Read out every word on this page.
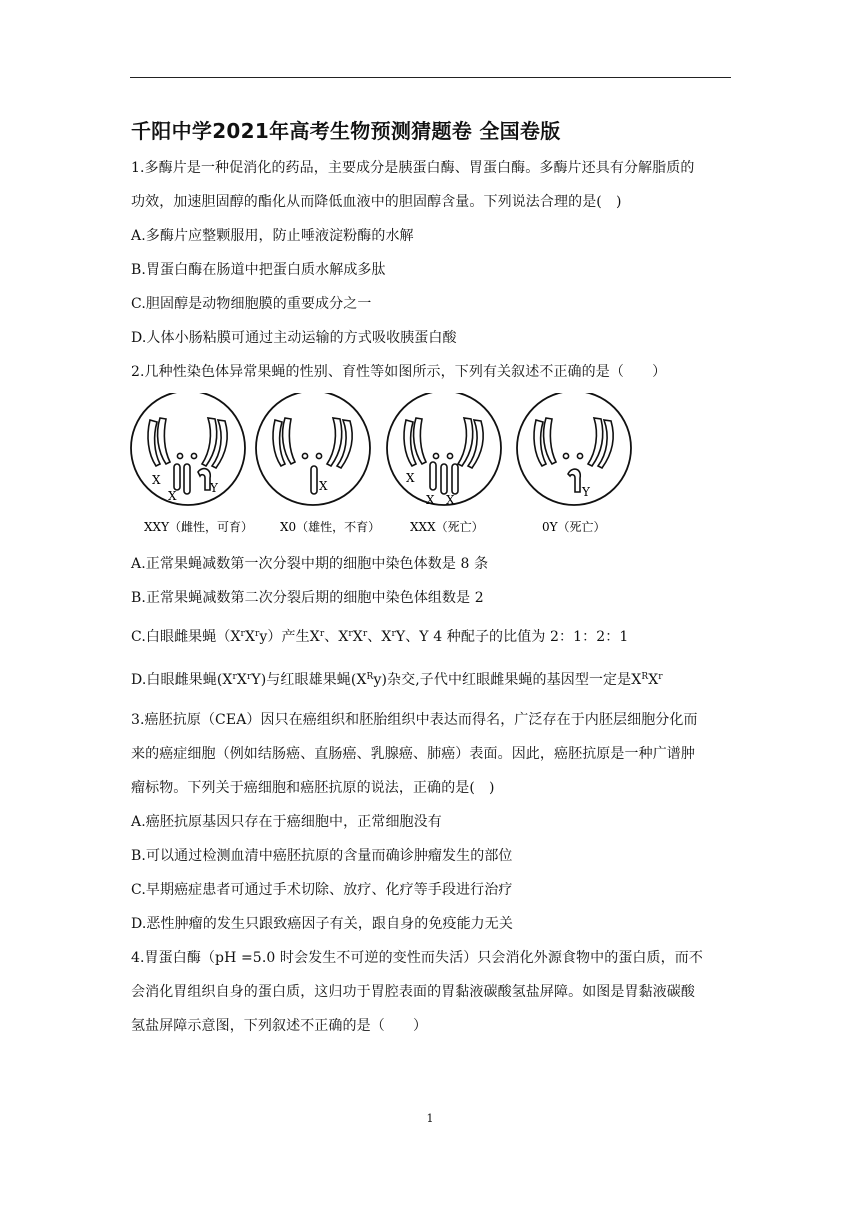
千阳中学2021年高考生物预测猜题卷 全国卷版
1.多酶片是一种促消化的药品，主要成分是胰蛋白酶、胃蛋白酶。多酶片还具有分解脂质的
功效，加速胆固醇的酯化从而降低血液中的胆固醇含量。下列说法合理的是( )
A.多酶片应整颗服用，防止唾液淀粉酶的水解
B.胃蛋白酶在肠道中把蛋白质水解成多肽
C.胆固醇是动物细胞膜的重要成分之一
D.人体小肠粘膜可通过主动运输的方式吸收胰蛋白酸
2.几种性染色体异常果蝇的性别、育性等如图所示，下列有关叙述不正确的是（  ）
X
X
Y	X
X
X X
Y
XXY（雌性，可育） X0（雄性，不育） XXX（死亡）	0Y（死亡）
A.正常果蝇减数第一次分裂中期的细胞中染色体数是 8 条
B.正常果蝇减数第二次分裂后期的细胞中染色体组数是 2
C.白眼雌果蝇$(X^rX^ry)$产生$X^r$、$X^rX^r$、$X^rY$、Y 4 种配子的比值为 2：1：2：1
D.白眼雌果蝇$(X^rX^rY)$与红眼雄果蝇$(X^Ry)$杂交,子代中红眼雌果蝇的基因型一定是$X^RX^r$
3.癌胚抗原（CEA）因只在癌组织和胚胎组织中表达而得名，广泛存在于内胚层细胞分化而
来的癌症细胞（例如结肠癌、直肠癌、乳腺癌、肺癌）表面。因此，癌胚抗原是一种广谱肿
瘤标物。下列关于癌细胞和癌胚抗原的说法，正确的是( )
A.癌胚抗原基因只存在于癌细胞中，正常细胞没有
B.可以通过检测血清中癌胚抗原的含量而确诊肿瘤发生的部位
C.早期癌症患者可通过手术切除、放疗、化疗等手段进行治疗
D.恶性肿瘤的发生只跟致癌因子有关，跟自身的免疫能力无关
4.胃蛋白酶（pH =5.0 时会发生不可逆的变性而失活）只会消化外源食物中的蛋白质，而不
会消化胃组织自身的蛋白质，这归功于胃腔表面的胃黏液碳酸氢盐屏障。如图是胃黏液碳酸
氢盐屏障示意图，下列叙述不正确的是（  ）
1
